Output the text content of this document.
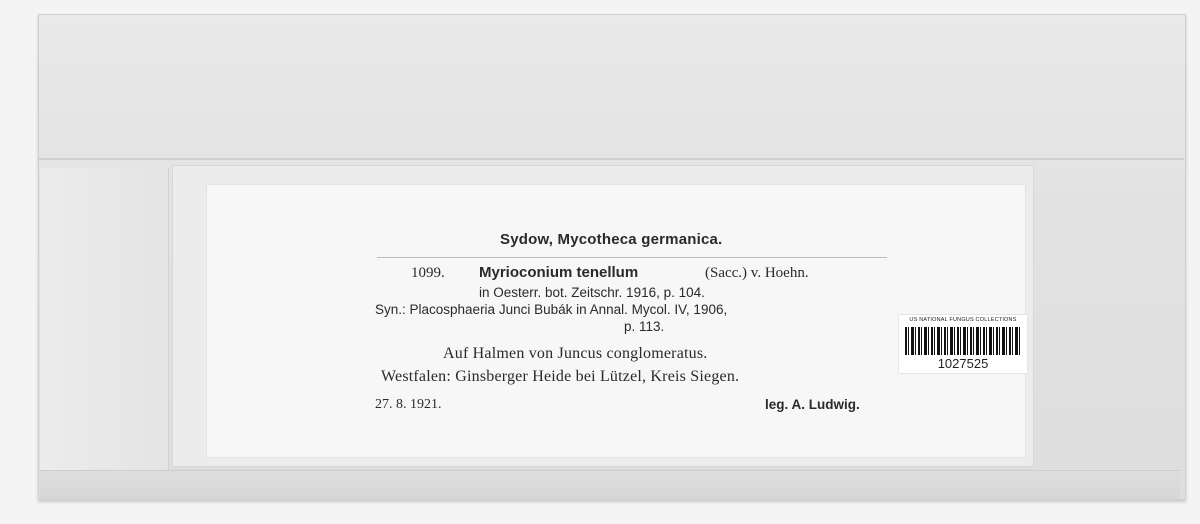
Sydow, Mycotheca germanica.
1099. Myrioconium tenellum	(Sacc.) v. Hoehn.
in Oesterr. bot. Zeitschr. 1916, p. 104.
Syn.: Placosphaeria Junci Bubák in Annal. Mycol. IV, 1906,
p. 113.
Auf Halmen von Juncus conglomeratus.
Westfalen: Ginsberger Heide bei Lützel, Kreis Siegen.
27. 8. 1921.	leg. A. Ludwig.
US NATIONAL FUNGUS COLLECTIONS
1027525
